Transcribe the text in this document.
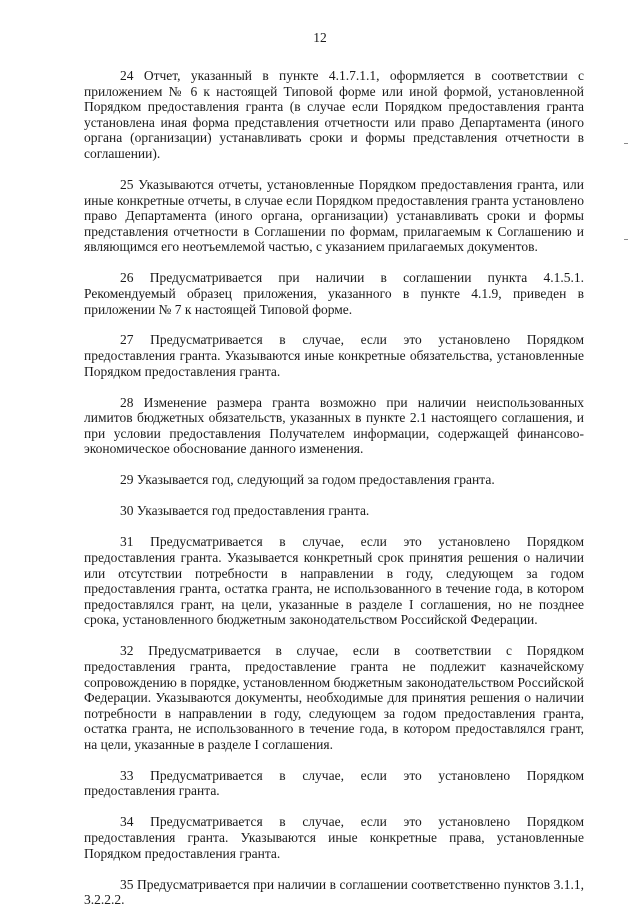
12

24 Отчет, указанный в пункте 4.1.7.1.1, оформляется в соответствии с приложением № 6 к настоящей Типовой форме или иной формой, установленной Порядком предоставления гранта (в случае если Порядком предоставления гранта установлена иная форма представления отчетности или право Департамента (иного органа (организации) устанавливать сроки и формы представления отчетности в соглашении).

25 Указываются отчеты, установленные Порядком предоставления гранта, или иные конкретные отчеты, в случае если Порядком предоставления гранта установлено право Департамента (иного органа, организации) устанавливать сроки и формы представления отчетности в Соглашении по формам, прилагаемым к Соглашению и являющимся его неотъемлемой частью, с указанием прилагаемых документов.

26 Предусматривается при наличии в соглашении пункта 4.1.5.1. Рекомендуемый образец приложения, указанного в пункте 4.1.9, приведен в приложении № 7 к настоящей Типовой форме.

27 Предусматривается в случае, если это установлено Порядком предоставления гранта. Указываются иные конкретные обязательства, установленные Порядком предоставления гранта.

28 Изменение размера гранта возможно при наличии неиспользованных лимитов бюджетных обязательств, указанных в пункте 2.1 настоящего соглашения, и при условии предоставления Получателем информации, содержащей финансово-экономическое обоснование данного изменения.

29 Указывается год, следующий за годом предоставления гранта.

30 Указывается год предоставления гранта.

31 Предусматривается в случае, если это установлено Порядком предоставления гранта. Указывается конкретный срок принятия решения о наличии или отсутствии потребности в направлении в году, следующем за годом предоставления гранта, остатка гранта, не использованного в течение года, в котором предоставлялся грант, на цели, указанные в разделе I соглашения, но не позднее срока, установленного бюджетным законодательством Российской Федерации.

32 Предусматривается в случае, если в соответствии с Порядком предоставления гранта, предоставление гранта не подлежит казначейскому сопровождению в порядке, установленном бюджетным законодательством Российской Федерации. Указываются документы, необходимые для принятия решения о наличии потребности в направлении в году, следующем за годом предоставления гранта, остатка гранта, не использованного в течение года, в котором предоставлялся грант, на цели, указанные в разделе I соглашения.

33 Предусматривается в случае, если это установлено Порядком предоставления гранта.

34 Предусматривается в случае, если это установлено Порядком предоставления гранта. Указываются иные конкретные права, установленные Порядком предоставления гранта.

35 Предусматривается при наличии в соглашении соответственно пунктов 3.1.1, 3.2.2.2.
